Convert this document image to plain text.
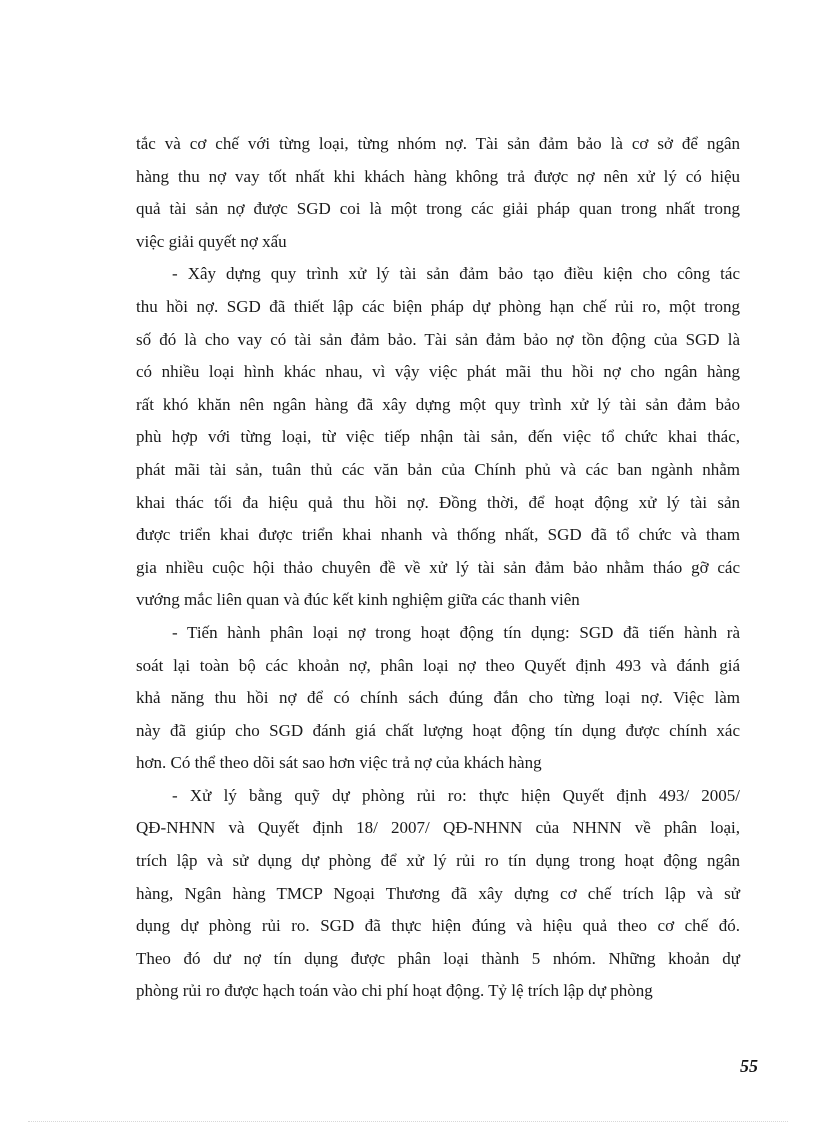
tắc và cơ chế với từng loại, từng nhóm nợ. Tài sản đảm bảo là cơ sở để ngân
hàng thu nợ vay tốt nhất khi khách hàng không trả được nợ nên xử lý có hiệu
quả tài sản nợ được SGD coi là một trong các giải pháp quan trong nhất trong
việc giải quyết nợ xấu
- Xây dựng quy trình xử lý tài sản đảm bảo tạo điều kiện cho công tác
thu hồi nợ. SGD đã thiết lập các biện pháp dự phòng hạn chế rủi ro, một trong
số đó là cho vay có tài sản đảm bảo. Tài sản đảm bảo nợ tồn động của SGD là
có nhiều loại hình khác nhau, vì vậy việc phát mãi thu hồi nợ cho ngân hàng
rất khó khăn nên ngân hàng đã xây dựng một quy trình xử lý tài sản đảm bảo
phù hợp với từng loại, từ việc tiếp nhận tài sản, đến việc tổ chức khai thác,
phát mãi tài sản, tuân thủ các văn bản của Chính phủ và các ban ngành nhằm
khai thác tối đa hiệu quả thu hồi nợ. Đồng thời, để hoạt động xử lý tài sản
được triển khai được triển khai nhanh và thống nhất, SGD đã tổ chức và tham
gia nhiều cuộc hội thảo chuyên đề về xử lý tài sản đảm bảo nhằm tháo gỡ các
vướng mắc liên quan và đúc kết kinh nghiệm giữa các thanh viên
- Tiến hành phân loại nợ trong hoạt động tín dụng: SGD đã tiến hành rà
soát lại toàn bộ các khoản nợ, phân loại nợ theo Quyết định 493 và đánh giá
khả năng thu hồi nợ để có chính sách đúng đắn cho từng loại nợ. Việc làm
này đã giúp cho SGD đánh giá chất lượng hoạt động tín dụng được chính xác
hơn. Có thể theo dõi sát sao hơn việc trả nợ của khách hàng
- Xử lý bằng quỹ dự phòng rủi ro: thực hiện Quyết định 493/ 2005/
QĐ-NHNN và Quyết định 18/ 2007/ QĐ-NHNN của NHNN về phân loại,
trích lập và sử dụng dự phòng để xử lý rủi ro tín dụng trong hoạt động ngân
hàng, Ngân hàng TMCP Ngoại Thương đã xây dựng cơ chế trích lập và sử
dụng dự phòng rủi ro. SGD đã thực hiện đúng và hiệu quả theo cơ chế đó.
Theo đó dư nợ tín dụng được phân loại thành 5 nhóm. Những khoản dự
phòng rủi ro được hạch toán vào chi phí hoạt động. Tỷ lệ trích lập dự phòng
55
